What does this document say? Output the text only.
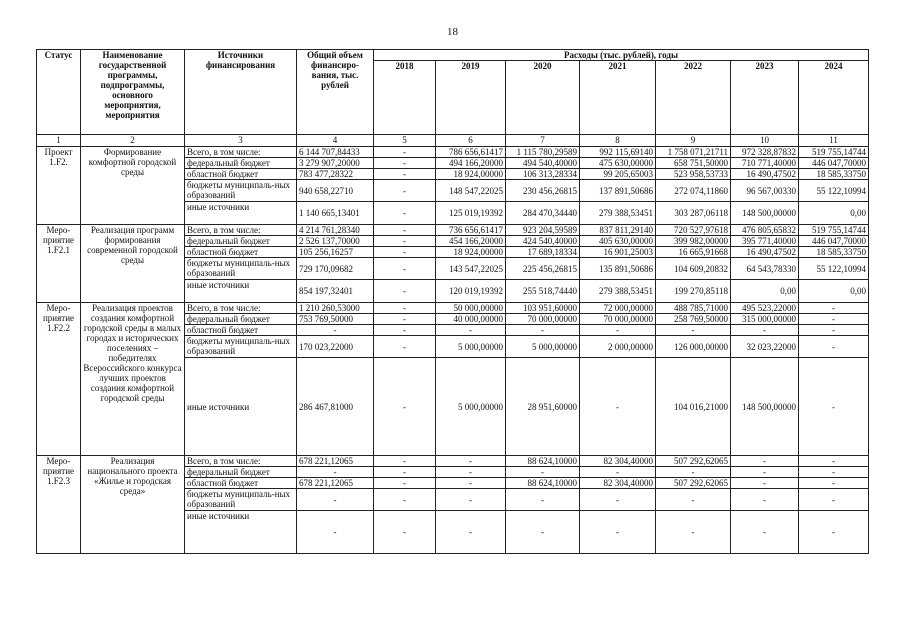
18
Статус	Наименование государственной программы, подпрограммы, основного мероприятия, мероприятия	Источники финансирования	Общий объем финансиро-вания, тыс. рублей	Расходы (тыс. рублей), годы						
				2018	2019	2020	2021	2022	2023	2024
1	2	3	4	5	6	7	8	9	10	11
Проект 1.F2.	Формирование комфортной городской среды	Всего, в том числе:	6 144 707,84433	-	786 656,61417	1 115 780,29589	992 115,69140	1 758 071,21711	972 328,87832	519 755,14744
		федеральный бюджет	3 279 907,20000	-	494 166,20000	494 540,40000	475 630,00000	658 751,50000	710 771,40000	446 047,70000
		областной бюджет	783 477,28322	-	18 924,00000	106 313,28334	99 205,65003	523 958,53733	16 490,47502	18 585,33750
		бюджеты муниципаль-ных образований	940 658,22710	-	148 547,22025	230 456,26815	137 891,50686	272 074,11860	96 567,00330	55 122,10994
		иные источники	1 140 665,13401	-	125 019,19392	284 470,34440	279 388,53451	303 287,06118	148 500,00000	0,00
Меро-приятие 1.F2.1	Реализация программ формирования современной городской среды	Всего, в том числе:	4 214 761,28340	-	736 656,61417	923 204,59589	837 811,29140	720 527,97618	476 805,65832	519 755,14744
		федеральный бюджет	2 526 137,70000	-	454 166,20000	424 540,40000	405 630,00000	399 982,00000	395 771,40000	446 047,70000
		областной бюджет	105 256,16257	-	18 924,00000	17 689,18334	16 901,25003	16 665,91668	16 490,47502	18 585,33750
		бюджеты муниципаль-ных образований	729 170,09682	-	143 547,22025	225 456,26815	135 891,50686	104 609,20832	64 543,78330	55 122,10994
		иные источники	854 197,32401	-	120 019,19392	255 518,74440	279 388,53451	199 270,85118	0,00	0,00
Меро-приятие 1.F2.2	Реализация проектов создания комфортной городской среды в малых городах и исторических поселениях – победителях Всероссийского конкурса лучших проектов создания комфортной городской среды	Всего, в том числе:	1 210 260,53000	-	50 000,00000	103 951,60000	72 000,00000	488 785,71000	495 523,22000	-
		федеральный бюджет	753 769,50000	-	40 000,00000	70 000,00000	70 000,00000	258 769,50000	315 000,00000	-
		областной бюджет	-	-	-	-	-	-	-	-
		бюджеты муниципаль-ных образований	170 023,22000	-	5 000,00000	5 000,00000	2 000,00000	126 000,00000	32 023,22000	-
		иные источники	286 467,81000	-	5 000,00000	28 951,60000	-	104 016,21000	148 500,00000	-
Меро-приятие 1.F2.3	Реализация национального проекта «Жилье и городская среда»	Всего, в том числе:	678 221,12065	-	-	88 624,10000	82 304,40000	507 292,62065	-	-
		федеральный бюджет	-	-	-	-	-	-	-	-
		областной бюджет	678 221,12065	-	-	88 624,10000	82 304,40000	507 292,62065	-	-
		бюджеты муниципаль-ных образований	-	-	-	-	-	-	-	-
		иные источники	-	-	-	-	-	-	-	-
